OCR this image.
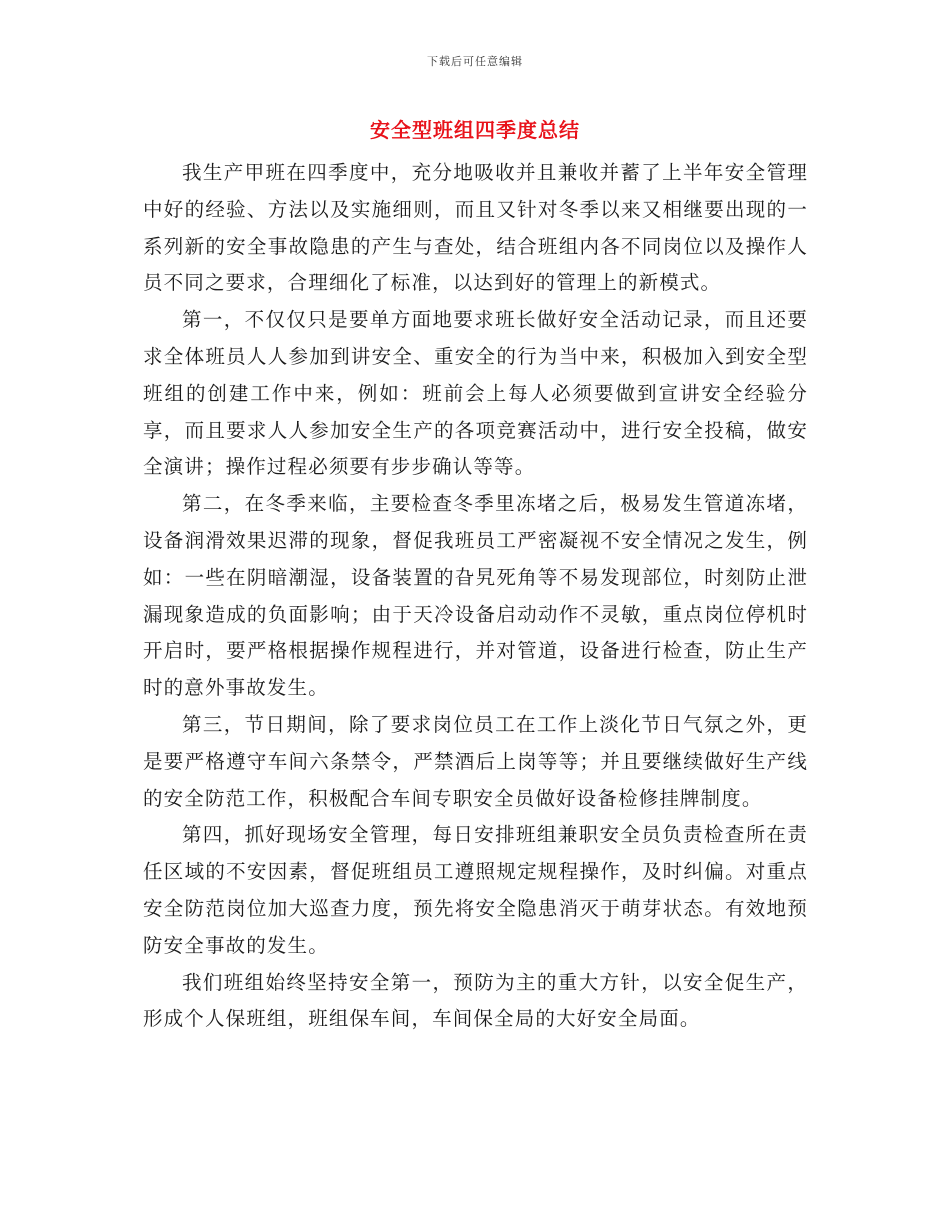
下载后可任意编辑
安全型班组四季度总结

我生产甲班在四季度中，充分地吸收并且兼收并蓄了上半年安全管理中好的经验、方法以及实施细则，而且又针对冬季以来又相继要出现的一系列新的安全事故隐患的产生与查处，结合班组内各不同岗位以及操作人员不同之要求，合理细化了标准，以达到好的管理上的新模式。

第一，不仅仅只是要单方面地要求班长做好安全活动记录，而且还要求全体班员人人参加到讲安全、重安全的行为当中来，积极加入到安全型班组的创建工作中来，例如：班前会上每人必须要做到宣讲安全经验分享，而且要求人人参加安全生产的各项竞赛活动中，进行安全投稿，做安全演讲；操作过程必须要有步步确认等等。

第二，在冬季来临，主要检查冬季里冻堵之后，极易发生管道冻堵，设备润滑效果迟滞的现象，督促我班员工严密凝视不安全情况之发生，例如：一些在阴暗潮湿，设备装置的旮旯死角等不易发现部位，时刻防止泄漏现象造成的负面影响；由于天冷设备启动动作不灵敏，重点岗位停机时开启时，要严格根据操作规程进行，并对管道，设备进行检查，防止生产时的意外事故发生。

第三，节日期间，除了要求岗位员工在工作上淡化节日气氛之外，更是要严格遵守车间六条禁令，严禁酒后上岗等等；并且要继续做好生产线的安全防范工作，积极配合车间专职安全员做好设备检修挂牌制度。

第四，抓好现场安全管理，每日安排班组兼职安全员负责检查所在责任区域的不安因素，督促班组员工遵照规定规程操作，及时纠偏。对重点安全防范岗位加大巡查力度，预先将安全隐患消灭于萌芽状态。有效地预防安全事故的发生。

我们班组始终坚持安全第一，预防为主的重大方针，以安全促生产，形成个人保班组，班组保车间，车间保全局的大好安全局面。
